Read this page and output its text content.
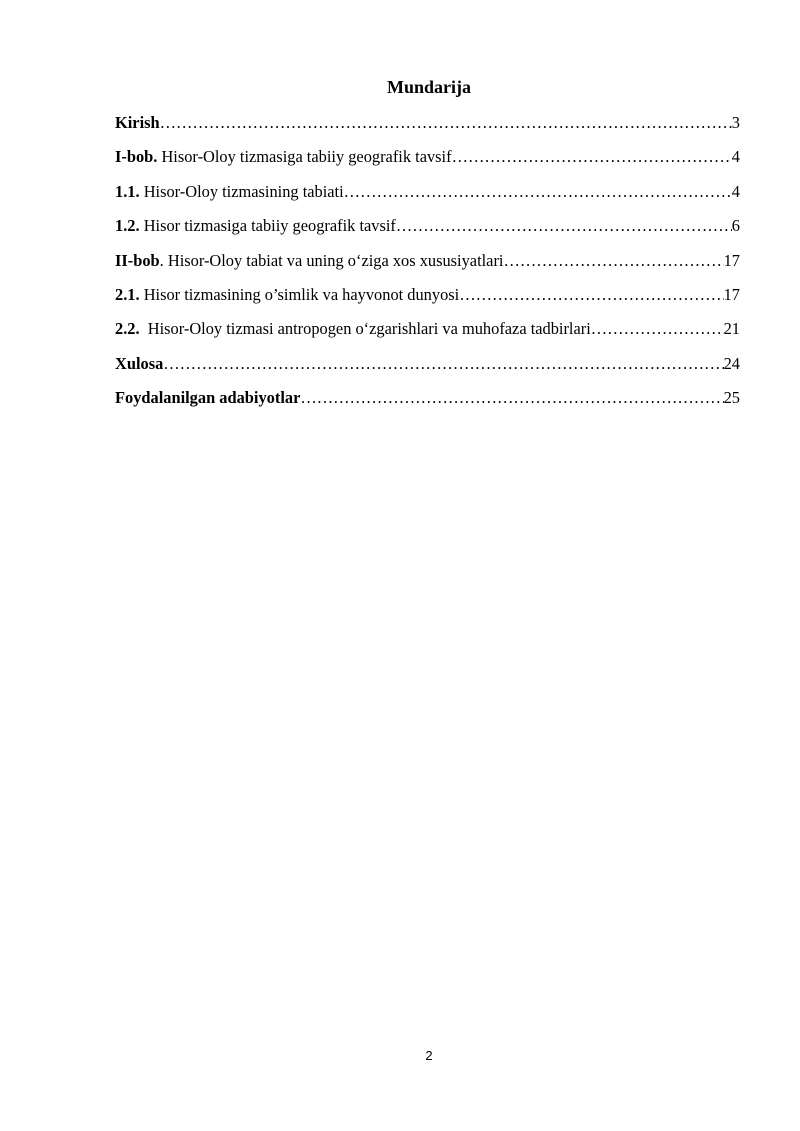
Mundarija
Kirish ………………………………………………………………………………………………………………………………………………………………………………………………	3
I-bob. Hisor-Oloy tizmasiga tabiiy geografik tavsif ………………………………………………………………………………………………………………………………………………………………………………………………	4
1.1. Hisor-Oloy tizmasining tabiati ………………………………………………………………………………………………………………………………………………………………………………………………	4
1.2. Hisor tizmasiga tabiiy geografik tavsif ………………………………………………………………………………………………………………………………………………………………………………………………	6
II-bob. Hisor-Oloy tabiat va uning o‘ziga xos xususiyatlari ………………………………………………………………………………………………………………………………………………………………………………………………	17
2.1. Hisor tizmasining o’simlik va hayvonot dunyosi ………………………………………………………………………………………………………………………………………………………………………………………………	17
2.2.  Hisor-Oloy tizmasi antropogen o‘zgarishlari va muhofaza tadbirlari ………………………………………………………………………………………………………………………………………………………………………………………………	21
Xulosa ………………………………………………………………………………………………………………………………………………………………………………………………	24
Foydalanilgan adabiyotlar ………………………………………………………………………………………………………………………………………………………………………………………………	25
2
